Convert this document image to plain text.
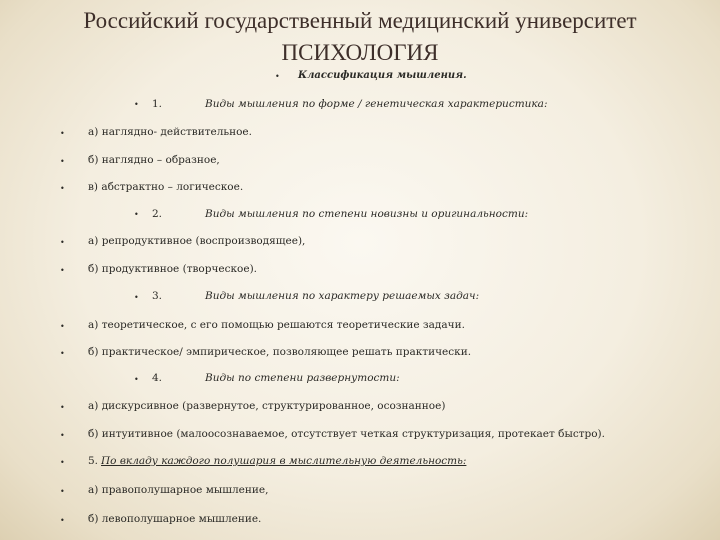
Российский государственный медицинский университет
ПСИХОЛОГИЯ
• Классификация мышления.
• 1.	Виды мышления по форме / генетическая характеристика:
• а) наглядно- действительное.
• б) наглядно – образное,
• в) абстрактно – логическое.
• 2.	Виды мышления по степени новизны и оригинальности:
• а) репродуктивное (воспроизводящее),
• б) продуктивное (творческое).
• 3.	Виды мышления по характеру решаемых задач:
• а) теоретическое, с его помощью решаются теоретические задачи.
• б) практическое/ эмпирическое, позволяющее решать практически.
• 4.	Виды по степени развернутости:
• а) дискурсивное (развернутое, структурированное, осознанное)
• б) интуитивное (малоосознаваемое, отсутствует четкая структуризация, протекает быстро).
• 5. По вкладу каждого полушария в мыслительную деятельность:
• а) правополушарное мышление,
• б) левополушарное мышление.
